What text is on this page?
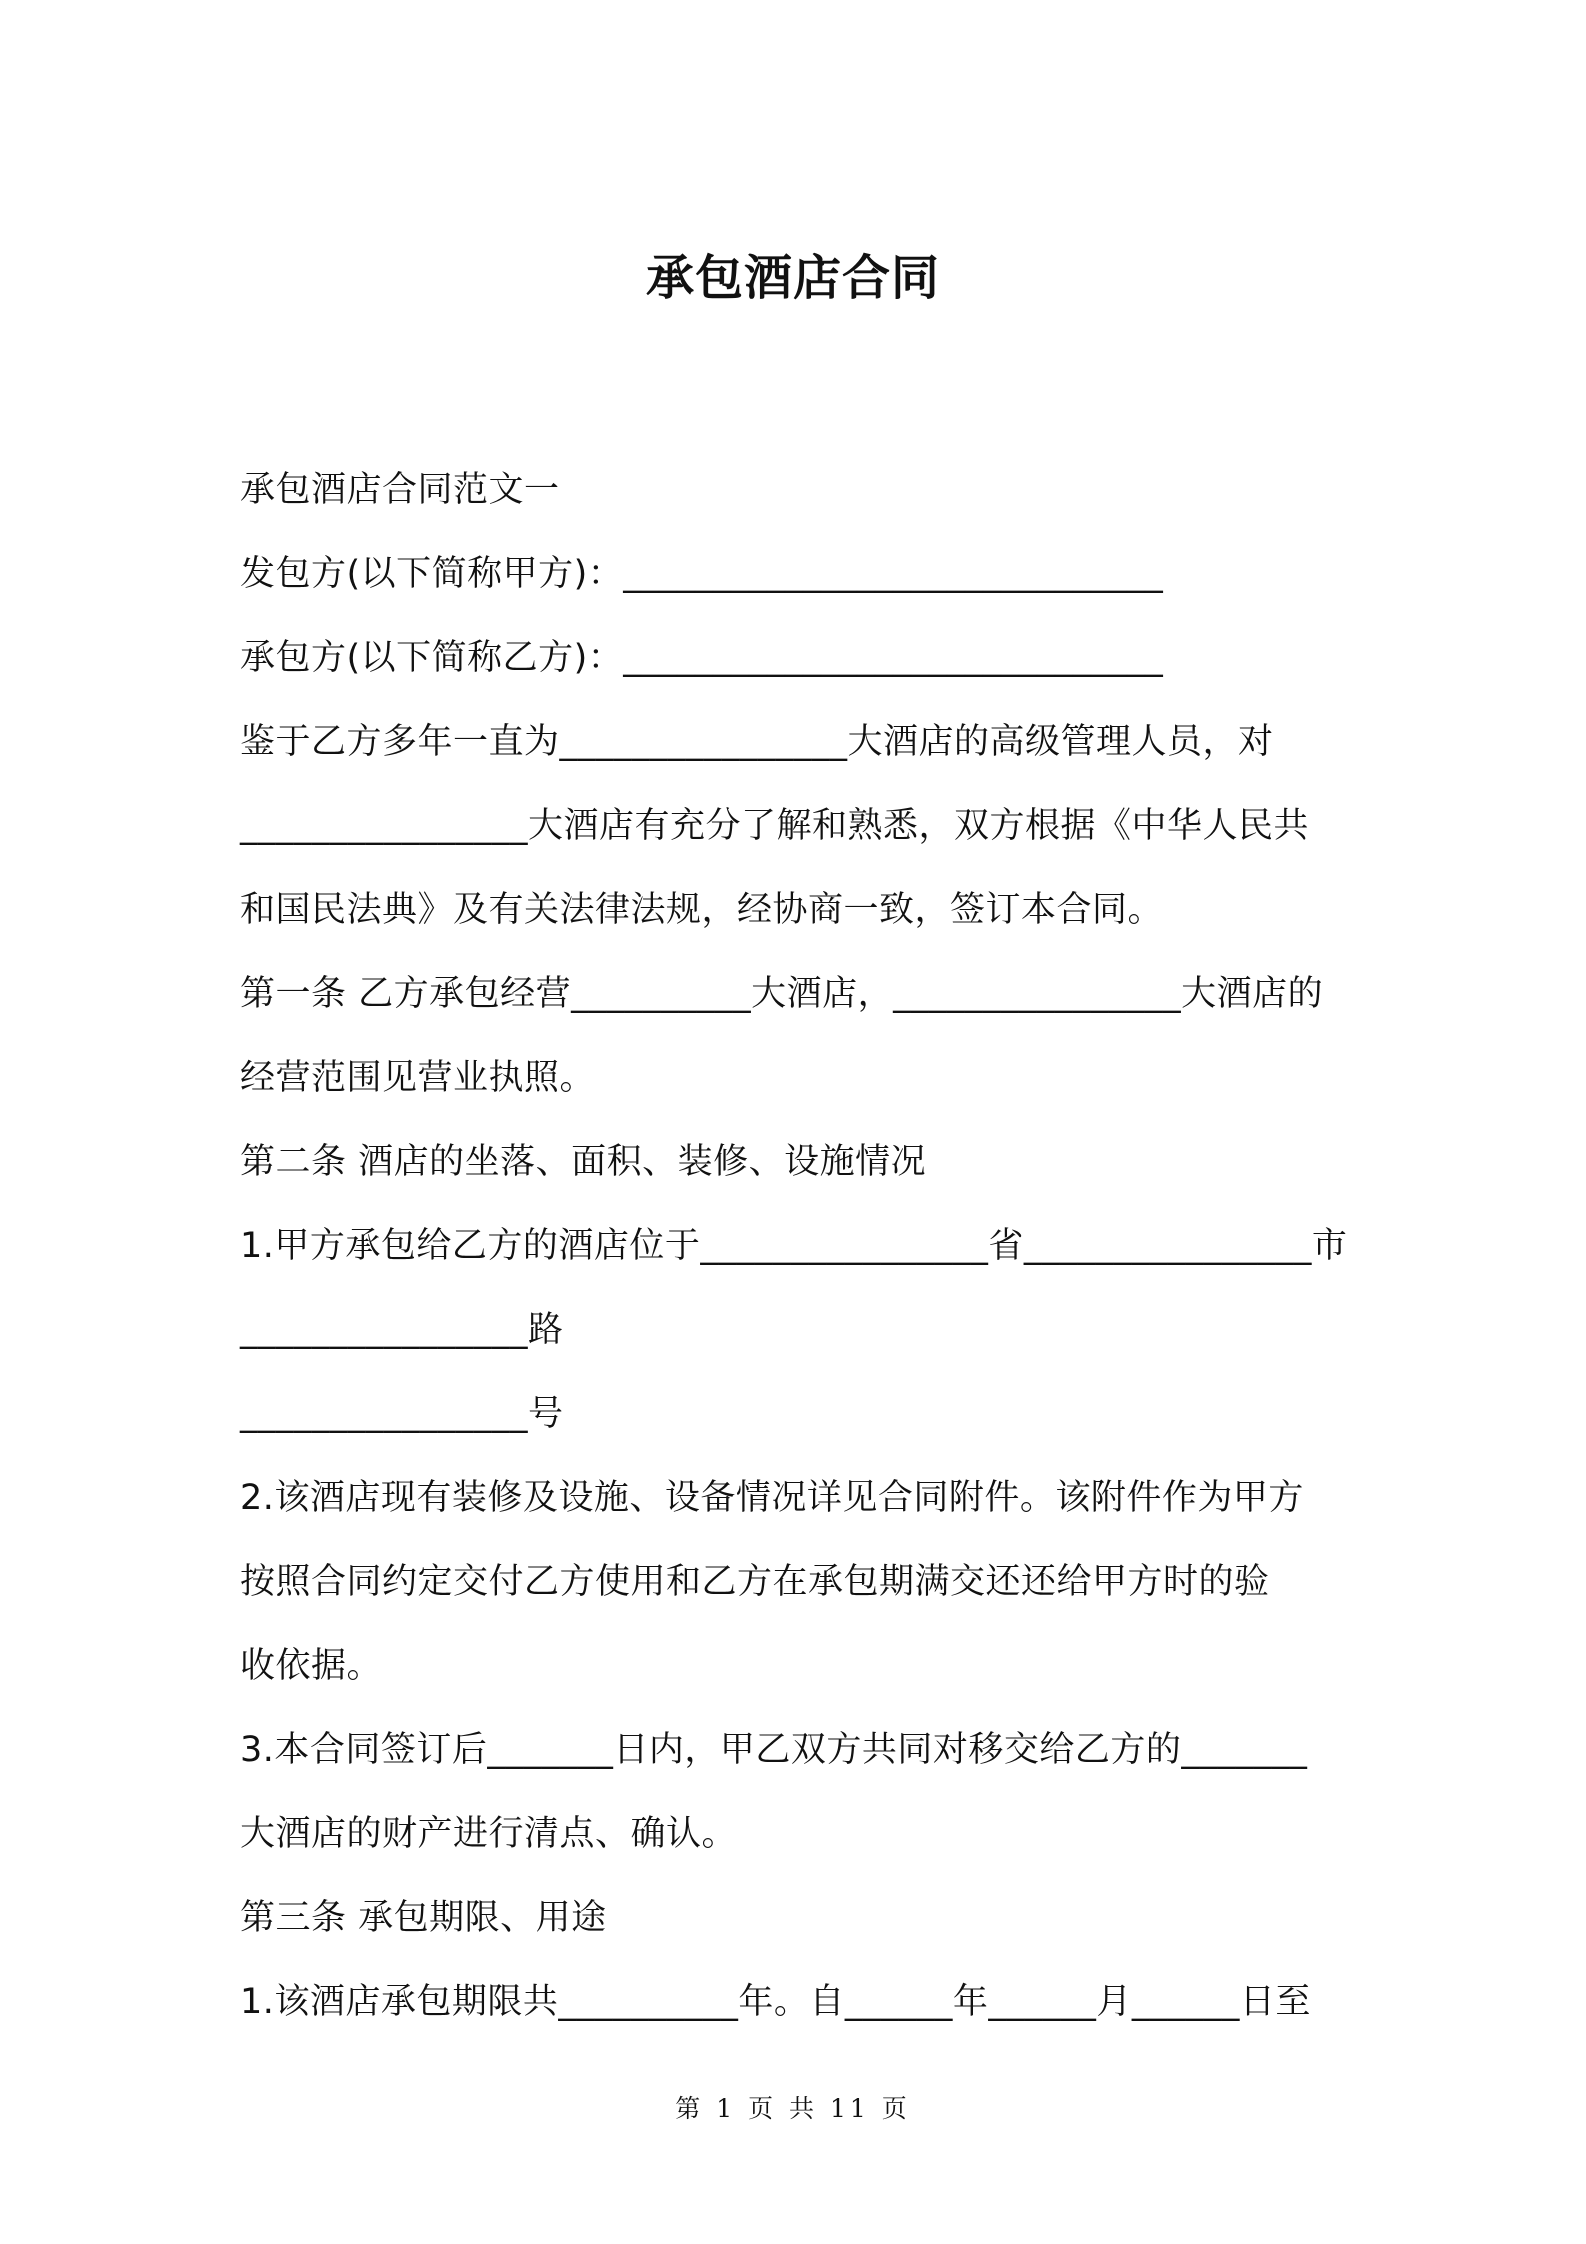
承包酒店合同
承包酒店合同范文一
发包方(以下简称甲方)：______________________________
承包方(以下简称乙方)：______________________________
鉴于乙方多年一直为________________大酒店的高级管理人员，对
________________大酒店有充分了解和熟悉，双方根据《中华人民共
和国民法典》及有关法律法规，经协商一致，签订本合同。
第一条 乙方承包经营__________大酒店，________________大酒店的
经营范围见营业执照。
第二条 酒店的坐落、面积、装修、设施情况
1.甲方承包给乙方的酒店位于________________省________________市
________________路
________________号
2.该酒店现有装修及设施、设备情况详见合同附件。该附件作为甲方
按照合同约定交付乙方使用和乙方在承包期满交还还给甲方时的验
收依据。
3.本合同签订后_______日内，甲乙双方共同对移交给乙方的_______
大酒店的财产进行清点、确认。
第三条 承包期限、用途
1.该酒店承包期限共__________年。自______年______月______日至
第 1 页 共 11 页
